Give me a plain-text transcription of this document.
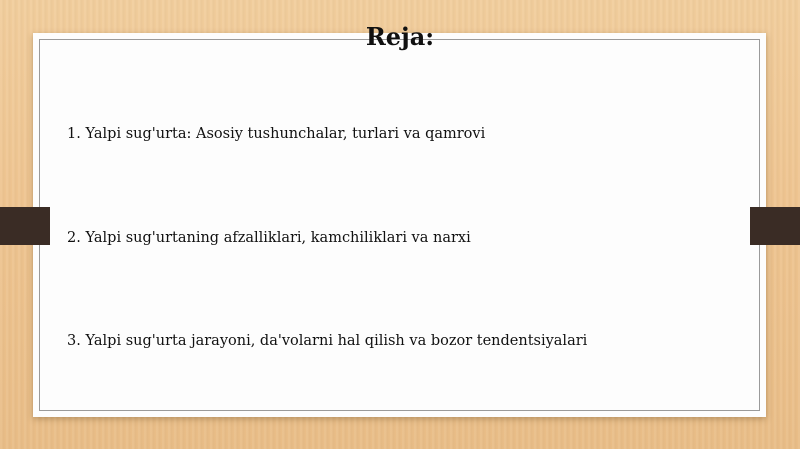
Reja:
1. Yalpi sug'urta: Asosiy tushunchalar, turlari va qamrovi
2. Yalpi sug'urtaning afzalliklari, kamchiliklari va narxi
3. Yalpi sug'urta jarayoni, da'volarni hal qilish va bozor tendentsiyalari
